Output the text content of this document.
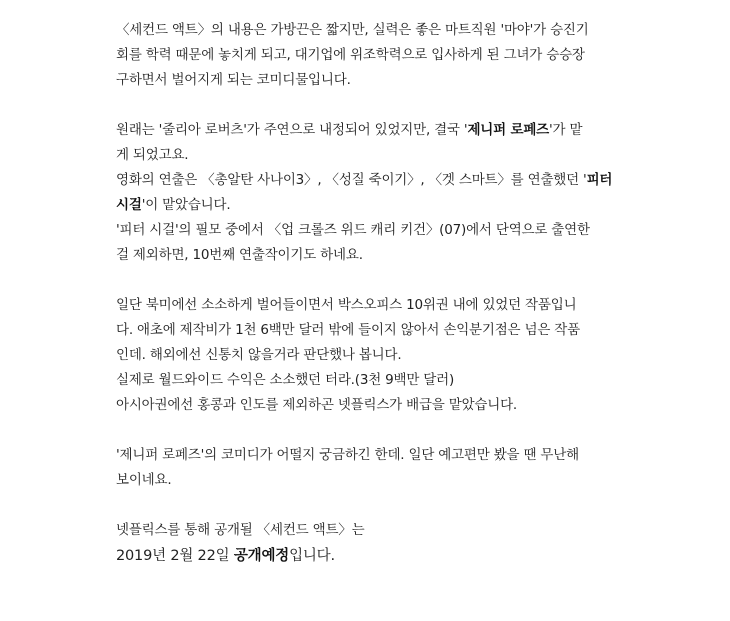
〈세컨드 액트〉의 내용은 가방끈은 짧지만, 실력은 좋은 마트직원 '마야'가 승진기
회를 학력 때문에 놓치게 되고, 대기업에 위조학력으로 입사하게 된 그녀가 승승장
구하면서 벌어지게 되는 코미디물입니다.
원래는 '줄리아 로버츠'가 주연으로 내정되어 있었지만, 결국 '제니퍼 로페즈'가 맡
게 되었고요.
영화의 연출은 〈총알탄 사나이3〉, 〈성질 죽이기〉, 〈겟 스마트〉를 연출했던 '피터
시걸'이 맡았습니다.
'피터 시걸'의 필모 중에서 〈업 크롤즈 위드 캐리 키건〉(07)에서 단역으로 출연한
걸 제외하면, 10번째 연출작이기도 하네요.
일단 북미에선 소소하게 벌어들이면서 박스오피스 10위권 내에 있었던 작품입니
다. 애초에 제작비가 1천 6백만 달러 밖에 들이지 않아서 손익분기점은 넘은 작품
인데. 해외에선 신통치 않을거라 판단했나 봅니다.
실제로 월드와이드 수익은 소소했던 터라.(3천 9백만 달러)
아시아권에선 홍콩과 인도를 제외하곤 넷플릭스가 배급을 맡았습니다.
'제니퍼 로페즈'의 코미디가 어떨지 궁금하긴 한데. 일단 예고편만 봤을 땐 무난해
보이네요.
넷플릭스를 통해 공개될 〈세컨드 액트〉는
2019년 2월 22일 공개예정입니다.
